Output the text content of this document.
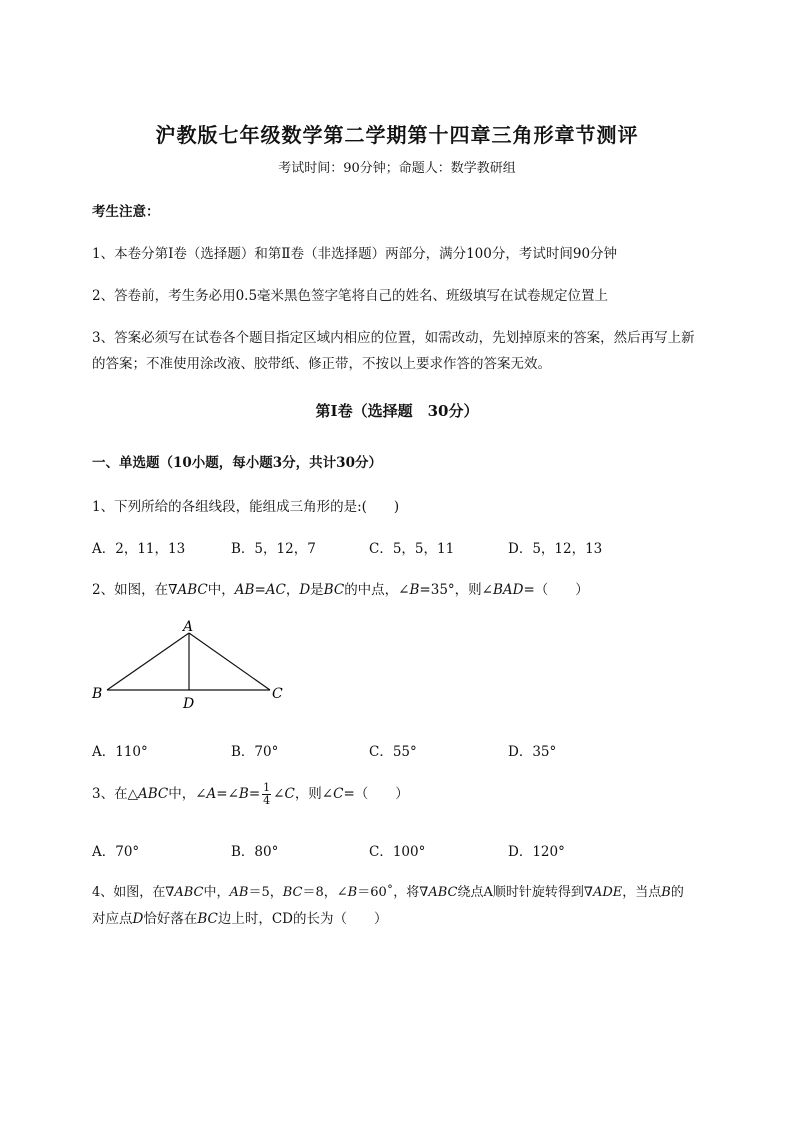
沪教版七年级数学第二学期第十四章三角形章节测评
考试时间：90分钟；命题人：数学教研组
考生注意：
1、本卷分第I卷（选择题）和第Ⅱ卷（非选择题）两部分，满分100分，考试时间90分钟
2、答卷前，考生务必用0.5毫米黑色签字笔将自己的姓名、班级填写在试卷规定位置上
3、答案必须写在试卷各个题目指定区域内相应的位置，如需改动，先划掉原来的答案，然后再写上新
的答案；不准使用涂改液、胶带纸、修正带，不按以上要求作答的答案无效。
第I卷（选择题　30分）
一、单选题（10小题，每小题3分，共计30分）
1、下列所给的各组线段，能组成三角形的是:(　　)
A．2，11，13	B．5，12，7	C．5，5，11	D．5，12，13
2、如图，在∇ABC中，AB=AC，D是BC的中点，∠B=35°，则∠BAD=（　　）
A
B	C
D
A．110°	B．70°	C．55°	D．35°
3、在△ABC中，∠A=∠B= $\frac{1}{4}$ ∠C，则∠C=（　　）
A．70°	B．80°	C．100°	D．120°
4、如图，在∇ABC中，AB＝5，BC＝8，∠B＝60˚，将∇ABC绕点A顺时针旋转得到∇ADE，当点B的
对应点D恰好落在BC边上时，CD的长为（　　）
